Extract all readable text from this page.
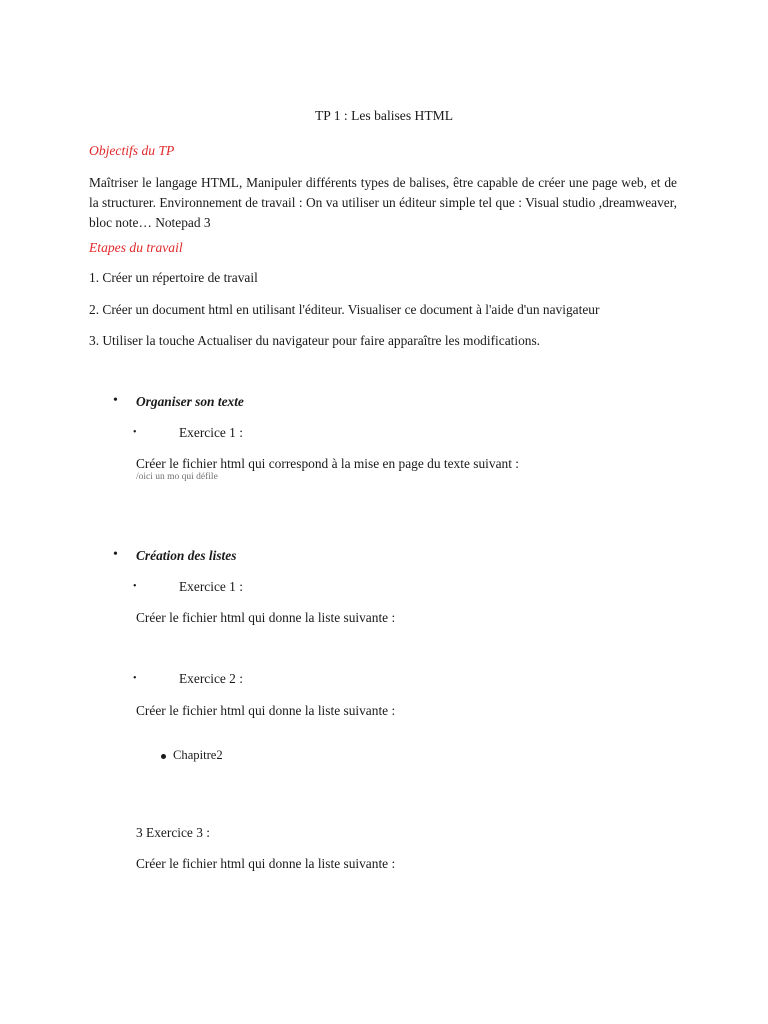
TP 1 : Les balises HTML
Objectifs du TP
Maîtriser le langage HTML, Manipuler différents types de balises, être capable de créer une page web, et de la structurer. Environnement de travail : On va utiliser un éditeur simple tel que : Visual studio ,dreamweaver, bloc note… Notepad 3
Etapes du travail
1. Créer un répertoire de travail
2. Créer un document html en utilisant l'éditeur. Visualiser ce document à l'aide d'un navigateur
3. Utiliser la touche Actualiser du navigateur pour faire apparaître les modifications.
• Organiser son texte
•	Exercice 1 :
Créer le fichier html qui correspond à la mise en page du texte suivant :
/oici un mo qui défile
• Création des listes
•	Exercice 1 :
Créer le fichier html qui donne la liste suivante :
•	Exercice 2 :
Créer le fichier html qui donne la liste suivante :
Chapitre2
3 Exercice 3 :
Créer le fichier html qui donne la liste suivante :
